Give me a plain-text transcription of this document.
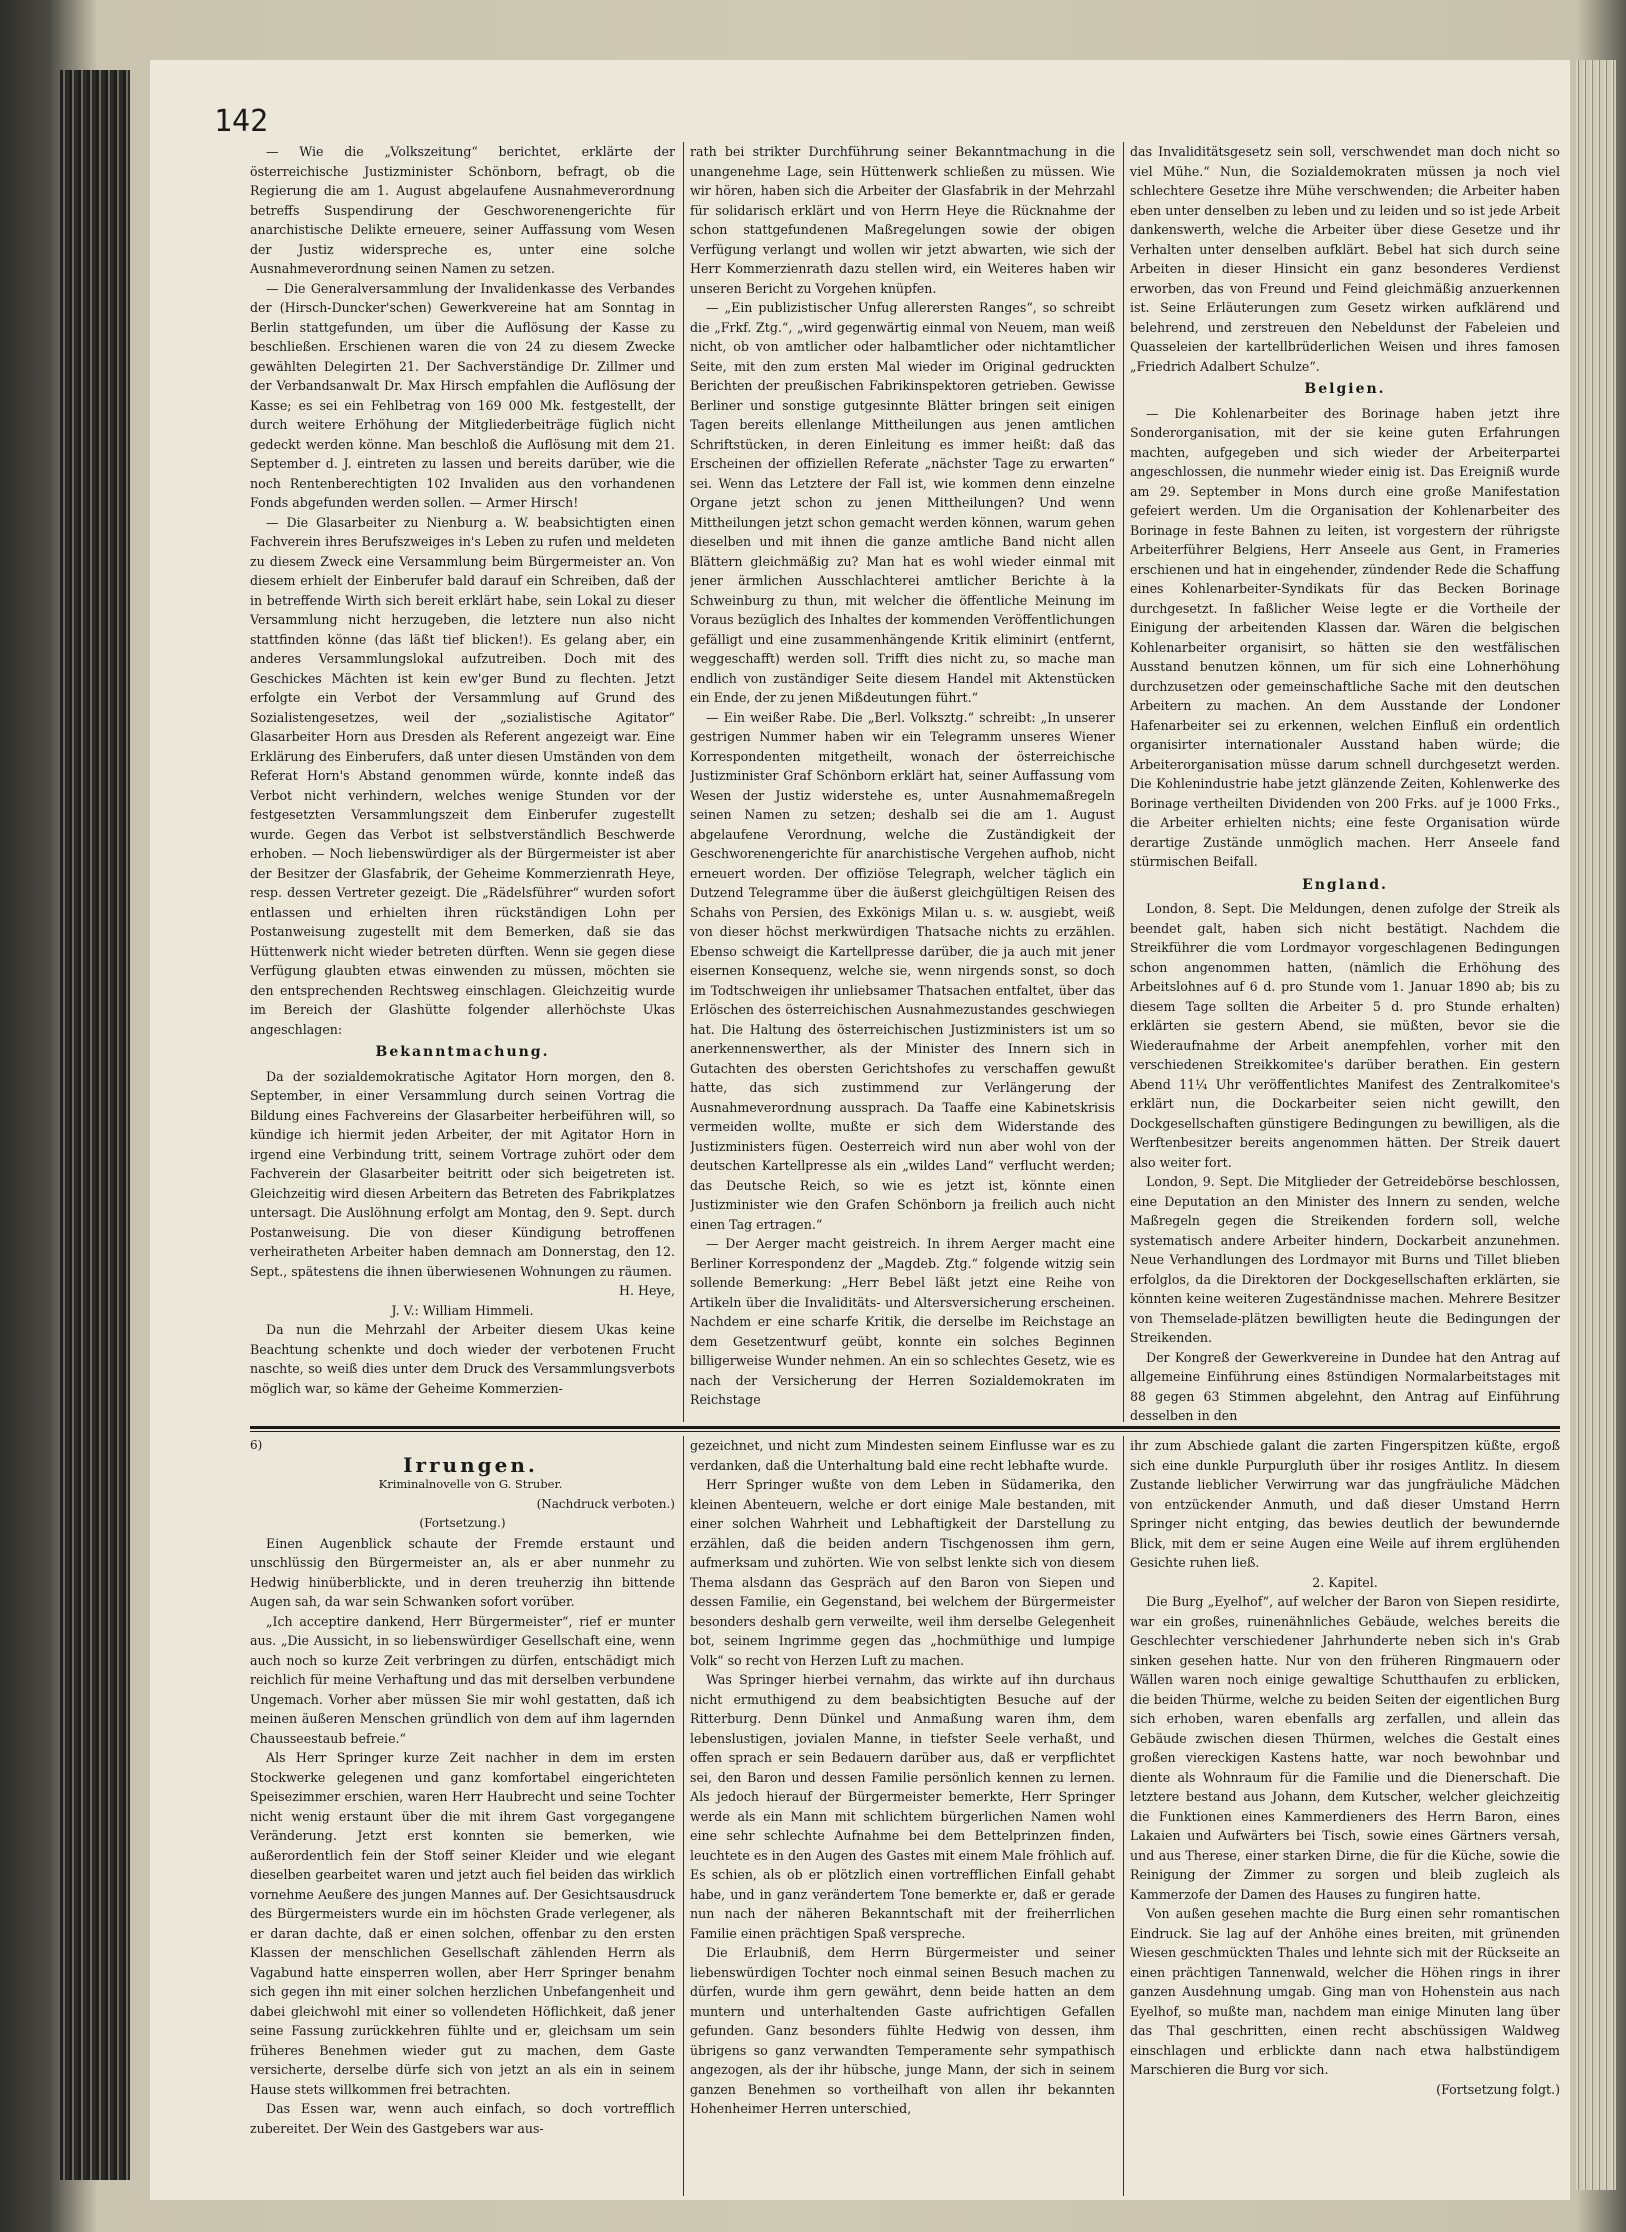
142

— Wie die „Volkszeitung“ berichtet, erklärte der österreichische Justizminister Schönborn, befragt, ob die Regierung die am 1. August abgelaufene Ausnahmeverordnung betreffs Suspendirung der Geschworenengerichte für anarchistische Delikte erneuere, seiner Auffassung vom Wesen der Justiz widerspreche es, unter eine solche Ausnahmeverordnung seinen Namen zu setzen.

— Die Generalversammlung der Invalidenkasse des Verbandes der (Hirsch-Duncker'schen) Gewerkvereine hat am Sonntag in Berlin stattgefunden, um über die Auflösung der Kasse zu beschließen. Erschienen waren die von 24 zu diesem Zwecke gewählten Delegirten 21. Der Sachverständige Dr. Zillmer und der Verbandsanwalt Dr. Max Hirsch empfahlen die Auflösung der Kasse; es sei ein Fehlbetrag von 169 000 Mk. festgestellt, der durch weitere Erhöhung der Mitgliederbeiträge füglich nicht gedeckt werden könne. Man beschloß die Auflösung mit dem 21. September d. J. eintreten zu lassen und bereits darüber, wie die noch Rentenberechtigten 102 Invaliden aus den vorhandenen Fonds abgefunden werden sollen. — Armer Hirsch!

— Die Glasarbeiter zu Nienburg a. W. beabsichtigten einen Fachverein ihres Berufszweiges in's Leben zu rufen und meldeten zu diesem Zweck eine Versammlung beim Bürgermeister an. Von diesem erhielt der Einberufer bald darauf ein Schreiben, daß der in betreffende Wirth sich bereit erklärt habe, sein Lokal zu dieser Versammlung nicht herzugeben, die letztere nun also nicht stattfinden könne (das läßt tief blicken!). Es gelang aber, ein anderes Versammlungslokal aufzutreiben. Doch mit des Geschickes Mächten ist kein ew'ger Bund zu flechten. Jetzt erfolgte ein Verbot der Versammlung auf Grund des Sozialistengesetzes, weil der „sozialistische Agitator“ Glasarbeiter Horn aus Dresden als Referent angezeigt war. Eine Erklärung des Einberufers, daß unter diesen Umständen von dem Referat Horn's Abstand genommen würde, konnte indeß das Verbot nicht verhindern, welches wenige Stunden vor der festgesetzten Versammlungszeit dem Einberufer zugestellt wurde. Gegen das Verbot ist selbstverständlich Beschwerde erhoben. — Noch liebenswürdiger als der Bürgermeister ist aber der Besitzer der Glasfabrik, der Geheime Kommerzienrath Heye, resp. dessen Vertreter gezeigt. Die „Rädelsführer“ wurden sofort entlassen und erhielten ihren rückständigen Lohn per Postanweisung zugestellt mit dem Bemerken, daß sie das Hüttenwerk nicht wieder betreten dürften. Wenn sie gegen diese Verfügung glaubten etwas einwenden zu müssen, möchten sie den entsprechenden Rechtsweg einschlagen. Gleichzeitig wurde im Bereich der Glashütte folgender allerhöchste Ukas angeschlagen:

Bekanntmachung.

Da der sozialdemokratische Agitator Horn morgen, den 8. September, in einer Versammlung durch seinen Vortrag die Bildung eines Fachvereins der Glasarbeiter herbeiführen will, so kündige ich hiermit jeden Arbeiter, der mit Agitator Horn in irgend eine Verbindung tritt, seinem Vortrage zuhört oder dem Fachverein der Glasarbeiter beitritt oder sich beigetreten ist. Gleichzeitig wird diesen Arbeitern das Betreten des Fabrikplatzes untersagt. Die Auslöhnung erfolgt am Montag, den 9. Sept. durch Postanweisung. Die von dieser Kündigung betroffenen verheiratheten Arbeiter haben demnach am Donnerstag, den 12. Sept., spätestens die ihnen überwiesenen Wohnungen zu räumen.

H. Heye,

J. V.: William Himmeli.

Da nun die Mehrzahl der Arbeiter diesem Ukas keine Beachtung schenkte und doch wieder der verbotenen Frucht naschte, so weiß dies unter dem Druck des Versammlungsverbots möglich war, so käme der Geheime Kommerzien-

rath bei strikter Durchführung seiner Bekanntmachung in die unangenehme Lage, sein Hüttenwerk schließen zu müssen. Wie wir hören, haben sich die Arbeiter der Glasfabrik in der Mehrzahl für solidarisch erklärt und von Herrn Heye die Rücknahme der schon stattgefundenen Maßregelungen sowie der obigen Verfügung verlangt und wollen wir jetzt abwarten, wie sich der Herr Kommerzienrath dazu stellen wird, ein Weiteres haben wir unseren Bericht zu Vorgehen knüpfen.

— „Ein publizistischer Unfug allerersten Ranges“, so schreibt die „Frkf. Ztg.“, „wird gegenwärtig einmal von Neuem, man weiß nicht, ob von amtlicher oder halbamtlicher oder nichtamtlicher Seite, mit den zum ersten Mal wieder im Original gedruckten Berichten der preußischen Fabrikinspektoren getrieben. Gewisse Berliner und sonstige gutgesinnte Blätter bringen seit einigen Tagen bereits ellenlange Mittheilungen aus jenen amtlichen Schriftstücken, in deren Einleitung es immer heißt: daß das Erscheinen der offiziellen Referate „nächster Tage zu erwarten“ sei. Wenn das Letztere der Fall ist, wie kommen denn einzelne Organe jetzt schon zu jenen Mittheilungen? Und wenn Mittheilungen jetzt schon gemacht werden können, warum gehen dieselben und mit ihnen die ganze amtliche Band nicht allen Blättern gleichmäßig zu? Man hat es wohl wieder einmal mit jener ärmlichen Ausschlachterei amtlicher Berichte à la Schweinburg zu thun, mit welcher die öffentliche Meinung im Voraus bezüglich des Inhaltes der kommenden Veröffentlichungen gefälligt und eine zusammenhängende Kritik eliminirt (entfernt, weggeschafft) werden soll. Trifft dies nicht zu, so mache man endlich von zuständiger Seite diesem Handel mit Aktenstücken ein Ende, der zu jenen Mißdeutungen führt.“

— Ein weißer Rabe. Die „Berl. Volksztg.“ schreibt: „In unserer gestrigen Nummer haben wir ein Telegramm unseres Wiener Korrespondenten mitgetheilt, wonach der österreichische Justizminister Graf Schönborn erklärt hat, seiner Auffassung vom Wesen der Justiz widerstehe es, unter Ausnahmemaßregeln seinen Namen zu setzen; deshalb sei die am 1. August abgelaufene Verordnung, welche die Zuständigkeit der Geschworenengerichte für anarchistische Vergehen aufhob, nicht erneuert worden. Der offiziöse Telegraph, welcher täglich ein Dutzend Telegramme über die äußerst gleichgültigen Reisen des Schahs von Persien, des Exkönigs Milan u. s. w. ausgiebt, weiß von dieser höchst merkwürdigen Thatsache nichts zu erzählen. Ebenso schweigt die Kartellpresse darüber, die ja auch mit jener eisernen Konsequenz, welche sie, wenn nirgends sonst, so doch im Todtschweigen ihr unliebsamer Thatsachen entfaltet, über das Erlöschen des österreichischen Ausnahmezustandes geschwiegen hat. Die Haltung des österreichischen Justizministers ist um so anerkennenswerther, als der Minister des Innern sich in Gutachten des obersten Gerichtshofes zu verschaffen gewußt hatte, das sich zustimmend zur Verlängerung der Ausnahmeverordnung aussprach. Da Taaffe eine Kabinetskrisis vermeiden wollte, mußte er sich dem Widerstande des Justizministers fügen. Oesterreich wird nun aber wohl von der deutschen Kartellpresse als ein „wildes Land“ verflucht werden; das Deutsche Reich, so wie es jetzt ist, könnte einen Justizminister wie den Grafen Schönborn ja freilich auch nicht einen Tag ertragen.“

— Der Aerger macht geistreich. In ihrem Aerger macht eine Berliner Korrespondenz der „Magdeb. Ztg.“ folgende witzig sein sollende Bemerkung: „Herr Bebel läßt jetzt eine Reihe von Artikeln über die Invaliditäts- und Altersversicherung erscheinen. Nachdem er eine scharfe Kritik, die derselbe im Reichstage an dem Gesetzentwurf geübt, konnte ein solches Beginnen billigerweise Wunder nehmen. An ein so schlechtes Gesetz, wie es nach der Versicherung der Herren Sozialdemokraten im Reichstage

das Invaliditätsgesetz sein soll, verschwendet man doch nicht so viel Mühe.“ Nun, die Sozialdemokraten müssen ja noch viel schlechtere Gesetze ihre Mühe verschwenden; die Arbeiter haben eben unter denselben zu leben und zu leiden und so ist jede Arbeit dankenswerth, welche die Arbeiter über diese Gesetze und ihr Verhalten unter denselben aufklärt. Bebel hat sich durch seine Arbeiten in dieser Hinsicht ein ganz besonderes Verdienst erworben, das von Freund und Feind gleichmäßig anzuerkennen ist. Seine Erläuterungen zum Gesetz wirken aufklärend und belehrend, und zerstreuen den Nebeldunst der Fabeleien und Quasseleien der kartellbrüderlichen Weisen und ihres famosen „Friedrich Adalbert Schulze“.

Belgien.

— Die Kohlenarbeiter des Borinage haben jetzt ihre Sonderorganisation, mit der sie keine guten Erfahrungen machten, aufgegeben und sich wieder der Arbeiterpartei angeschlossen, die nunmehr wieder einig ist. Das Ereigniß wurde am 29. September in Mons durch eine große Manifestation gefeiert werden. Um die Organisation der Kohlenarbeiter des Borinage in feste Bahnen zu leiten, ist vorgestern der rührigste Arbeiterführer Belgiens, Herr Anseele aus Gent, in Frameries erschienen und hat in eingehender, zündender Rede die Schaffung eines Kohlenarbeiter-Syndikats für das Becken Borinage durchgesetzt. In faßlicher Weise legte er die Vortheile der Einigung der arbeitenden Klassen dar. Wären die belgischen Kohlenarbeiter organisirt, so hätten sie den westfälischen Ausstand benutzen können, um für sich eine Lohnerhöhung durchzusetzen oder gemeinschaftliche Sache mit den deutschen Arbeitern zu machen. An dem Ausstande der Londoner Hafenarbeiter sei zu erkennen, welchen Einfluß ein ordentlich organisirter internationaler Ausstand haben würde; die Arbeiterorganisation müsse darum schnell durchgesetzt werden. Die Kohlenindustrie habe jetzt glänzende Zeiten, Kohlenwerke des Borinage vertheilten Dividenden von 200 Frks. auf je 1000 Frks., die Arbeiter erhielten nichts; eine feste Organisation würde derartige Zustände unmöglich machen. Herr Anseele fand stürmischen Beifall.

England.

London, 8. Sept. Die Meldungen, denen zufolge der Streik als beendet galt, haben sich nicht bestätigt. Nachdem die Streikführer die vom Lordmayor vorgeschlagenen Bedingungen schon angenommen hatten, (nämlich die Erhöhung des Arbeitslohnes auf 6 d. pro Stunde vom 1. Januar 1890 ab; bis zu diesem Tage sollten die Arbeiter 5 d. pro Stunde erhalten) erklärten sie gestern Abend, sie müßten, bevor sie die Wiederaufnahme der Arbeit anempfehlen, vorher mit den verschiedenen Streikkomitee's darüber berathen. Ein gestern Abend 11¼ Uhr veröffentlichtes Manifest des Zentralkomitee's erklärt nun, die Dockarbeiter seien nicht gewillt, den Dockgesellschaften günstigere Bedingungen zu bewilligen, als die Werftenbesitzer bereits angenommen hätten. Der Streik dauert also weiter fort.

London, 9. Sept. Die Mitglieder der Getreidebörse beschlossen, eine Deputation an den Minister des Innern zu senden, welche Maßregeln gegen die Streikenden fordern soll, welche systematisch andere Arbeiter hindern, Dockarbeit anzunehmen. Neue Verhandlungen des Lordmayor mit Burns und Tillet blieben erfolglos, da die Direktoren der Dockgesellschaften erklärten, sie könnten keine weiteren Zugeständnisse machen. Mehrere Besitzer von Themselade-plätzen bewilligten heute die Bedingungen der Streikenden.

Der Kongreß der Gewerkvereine in Dundee hat den Antrag auf allgemeine Einführung eines 8stündigen Normalarbeitstages mit 88 gegen 63 Stimmen abgelehnt, den Antrag auf Einführung desselben in den

6)

Irrungen.

Kriminalnovelle von G. Struber.

(Nachdruck verboten.)

(Fortsetzung.)

Einen Augenblick schaute der Fremde erstaunt und unschlüssig den Bürgermeister an, als er aber nunmehr zu Hedwig hinüberblickte, und in deren treuherzig ihn bittende Augen sah, da war sein Schwanken sofort vorüber.

„Ich acceptire dankend, Herr Bürgermeister“, rief er munter aus. „Die Aussicht, in so liebenswürdiger Gesellschaft eine, wenn auch noch so kurze Zeit verbringen zu dürfen, entschädigt mich reichlich für meine Verhaftung und das mit derselben verbundene Ungemach. Vorher aber müssen Sie mir wohl gestatten, daß ich meinen äußeren Menschen gründlich von dem auf ihm lagernden Chausseestaub befreie.“

Als Herr Springer kurze Zeit nachher in dem im ersten Stockwerke gelegenen und ganz komfortabel eingerichteten Speisezimmer erschien, waren Herr Haubrecht und seine Tochter nicht wenig erstaunt über die mit ihrem Gast vorgegangene Veränderung. Jetzt erst konnten sie bemerken, wie außerordentlich fein der Stoff seiner Kleider und wie elegant dieselben gearbeitet waren und jetzt auch fiel beiden das wirklich vornehme Aeußere des jungen Mannes auf. Der Gesichtsausdruck des Bürgermeisters wurde ein im höchsten Grade verlegener, als er daran dachte, daß er einen solchen, offenbar zu den ersten Klassen der menschlichen Gesellschaft zählenden Herrn als Vagabund hatte einsperren wollen, aber Herr Springer benahm sich gegen ihn mit einer solchen herzlichen Unbefangenheit und dabei gleichwohl mit einer so vollendeten Höflichkeit, daß jener seine Fassung zurückkehren fühlte und er, gleichsam um sein früheres Benehmen wieder gut zu machen, dem Gaste versicherte, derselbe dürfe sich von jetzt an als ein in seinem Hause stets willkommen frei betrachten.

Das Essen war, wenn auch einfach, so doch vortrefflich zubereitet. Der Wein des Gastgebers war aus-

gezeichnet, und nicht zum Mindesten seinem Einflusse war es zu verdanken, daß die Unterhaltung bald eine recht lebhafte wurde.

Herr Springer wußte von dem Leben in Südamerika, den kleinen Abenteuern, welche er dort einige Male bestanden, mit einer solchen Wahrheit und Lebhaftigkeit der Darstellung zu erzählen, daß die beiden andern Tischgenossen ihm gern, aufmerksam und zuhörten. Wie von selbst lenkte sich von diesem Thema alsdann das Gespräch auf den Baron von Siepen und dessen Familie, ein Gegenstand, bei welchem der Bürgermeister besonders deshalb gern verweilte, weil ihm derselbe Gelegenheit bot, seinem Ingrimme gegen das „hochmüthige und lumpige Volk“ so recht von Herzen Luft zu machen.

Was Springer hierbei vernahm, das wirkte auf ihn durchaus nicht ermuthigend zu dem beabsichtigten Besuche auf der Ritterburg. Denn Dünkel und Anmaßung waren ihm, dem lebenslustigen, jovialen Manne, in tiefster Seele verhaßt, und offen sprach er sein Bedauern darüber aus, daß er verpflichtet sei, den Baron und dessen Familie persönlich kennen zu lernen. Als jedoch hierauf der Bürgermeister bemerkte, Herr Springer werde als ein Mann mit schlichtem bürgerlichen Namen wohl eine sehr schlechte Aufnahme bei dem Bettelprinzen finden, leuchtete es in den Augen des Gastes mit einem Male fröhlich auf. Es schien, als ob er plötzlich einen vortrefflichen Einfall gehabt habe, und in ganz verändertem Tone bemerkte er, daß er gerade nun nach der näheren Bekanntschaft mit der freiherrlichen Familie einen prächtigen Spaß verspreche.

Die Erlaubniß, dem Herrn Bürgermeister und seiner liebenswürdigen Tochter noch einmal seinen Besuch machen zu dürfen, wurde ihm gern gewährt, denn beide hatten an dem muntern und unterhaltenden Gaste aufrichtigen Gefallen gefunden. Ganz besonders fühlte Hedwig von dessen, ihm übrigens so ganz verwandten Temperamente sehr sympathisch angezogen, als der ihr hübsche, junge Mann, der sich in seinem ganzen Benehmen so vortheilhaft von allen ihr bekannten Hohenheimer Herren unterschied,

ihr zum Abschiede galant die zarten Fingerspitzen küßte, ergoß sich eine dunkle Purpurgluth über ihr rosiges Antlitz. In diesem Zustande lieblicher Verwirrung war das jungfräuliche Mädchen von entzückender Anmuth, und daß dieser Umstand Herrn Springer nicht entging, das bewies deutlich der bewundernde Blick, mit dem er seine Augen eine Weile auf ihrem erglühenden Gesichte ruhen ließ.

2. Kapitel.

Die Burg „Eyelhof“, auf welcher der Baron von Siepen residirte, war ein großes, ruinenähnliches Gebäude, welches bereits die Geschlechter verschiedener Jahrhunderte neben sich in's Grab sinken gesehen hatte. Nur von den früheren Ringmauern oder Wällen waren noch einige gewaltige Schutthaufen zu erblicken, die beiden Thürme, welche zu beiden Seiten der eigentlichen Burg sich erhoben, waren ebenfalls arg zerfallen, und allein das Gebäude zwischen diesen Thürmen, welches die Gestalt eines großen viereckigen Kastens hatte, war noch bewohnbar und diente als Wohnraum für die Familie und die Dienerschaft. Die letztere bestand aus Johann, dem Kutscher, welcher gleichzeitig die Funktionen eines Kammerdieners des Herrn Baron, eines Lakaien und Aufwärters bei Tisch, sowie eines Gärtners versah, und aus Therese, einer starken Dirne, die für die Küche, sowie die Reinigung der Zimmer zu sorgen und bleib zugleich als Kammerzofe der Damen des Hauses zu fungiren hatte.

Von außen gesehen machte die Burg einen sehr romantischen Eindruck. Sie lag auf der Anhöhe eines breiten, mit grünenden Wiesen geschmückten Thales und lehnte sich mit der Rückseite an einen prächtigen Tannenwald, welcher die Höhen rings in ihrer ganzen Ausdehnung umgab. Ging man von Hohenstein aus nach Eyelhof, so mußte man, nachdem man einige Minuten lang über das Thal geschritten, einen recht abschüssigen Waldweg einschlagen und erblickte dann nach etwa halbstündigem Marschieren die Burg vor sich.

(Fortsetzung folgt.)
